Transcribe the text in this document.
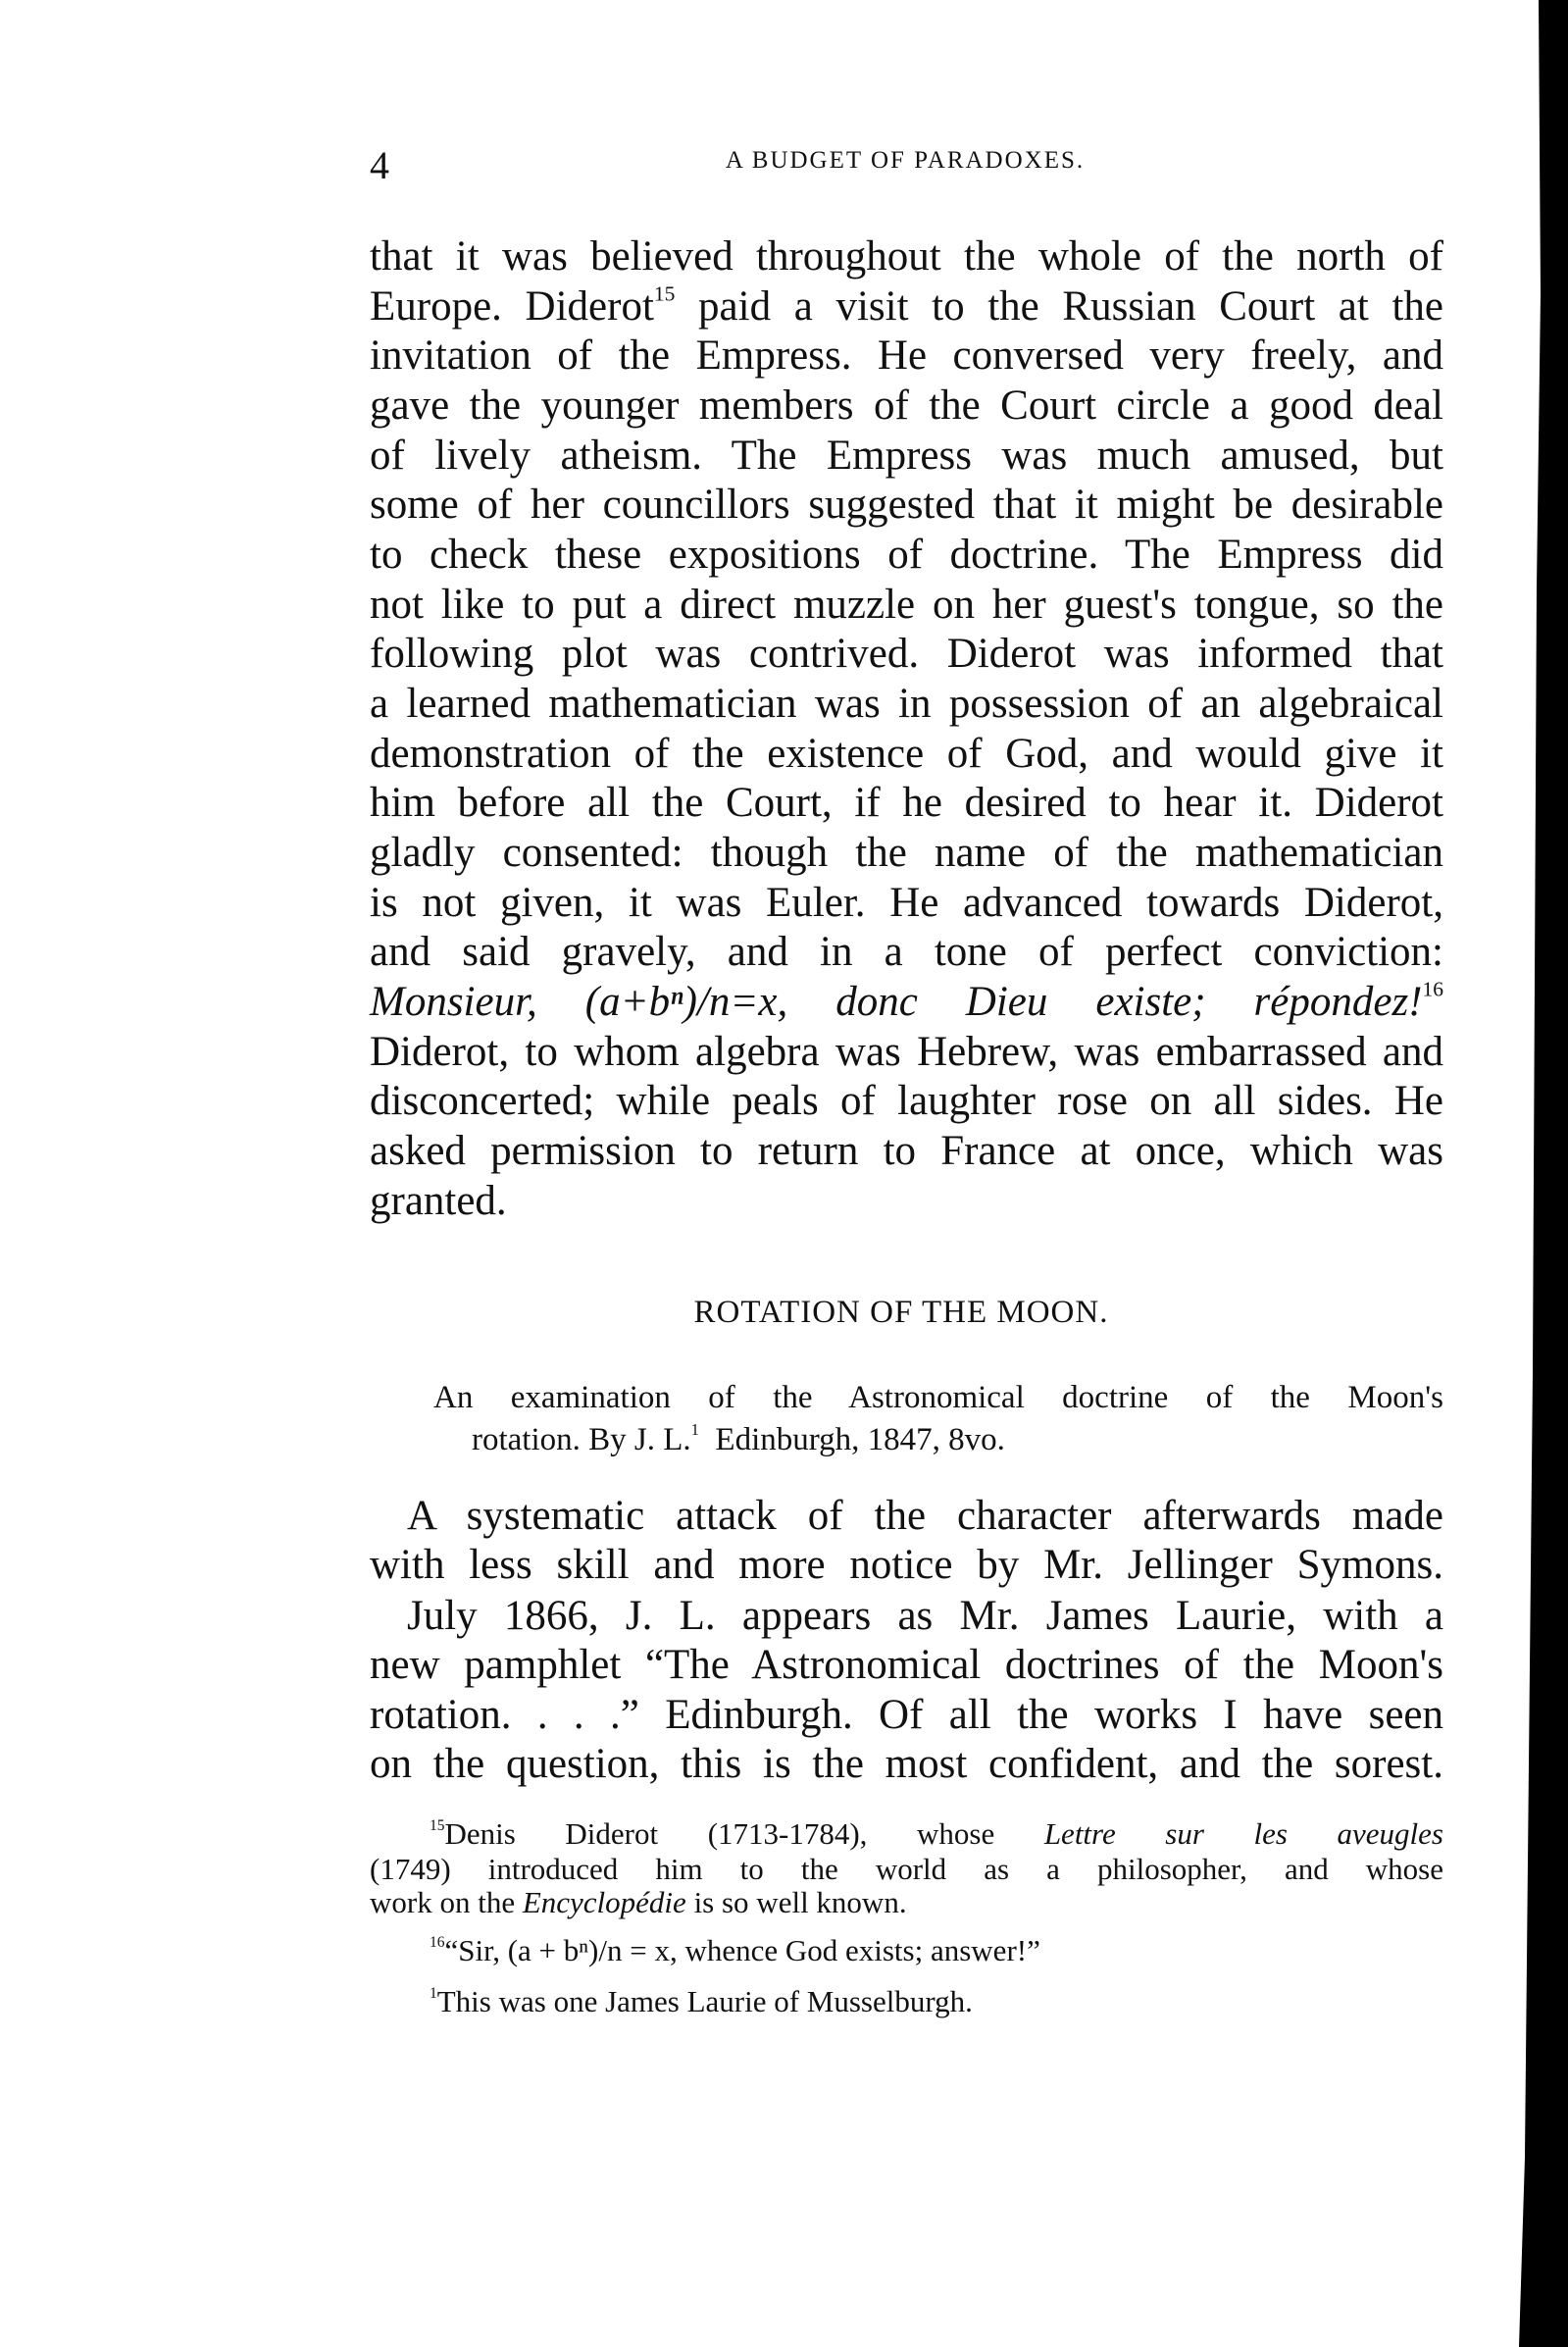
4	A BUDGET OF PARADOXES.
that it was believed throughout the whole of the north of
Europe. Diderot$^{15}$ paid a visit to the Russian Court at the
invitation of the Empress. He conversed very freely, and
gave the younger members of the Court circle a good deal
of lively atheism. The Empress was much amused, but
some of her councillors suggested that it might be desirable
to check these expositions of doctrine. The Empress did
not like to put a direct muzzle on her guest's tongue, so the
following plot was contrived. Diderot was informed that
a learned mathematician was in possession of an algebraical
demonstration of the existence of God, and would give it
him before all the Court, if he desired to hear it. Diderot
gladly consented: though the name of the mathematician
is not given, it was Euler. He advanced towards Diderot,
and said gravely, and in a tone of perfect conviction:
Monsieur, (a+bⁿ)/n=x, donc Dieu existe; répondez!$^{16}$
Diderot, to whom algebra was Hebrew, was embarrassed and
disconcerted; while peals of laughter rose on all sides. He
asked permission to return to France at once, which was
granted.
ROTATION OF THE MOON.
An examination of the Astronomical doctrine of the Moon's
rotation. By J. L.$^1$  Edinburgh, 1847, 8vo.
A systematic attack of the character afterwards made
with less skill and more notice by Mr. Jellinger Symons.
July 1866, J. L. appears as Mr. James Laurie, with a
new pamphlet “The Astronomical doctrines of the Moon's
rotation. . . .” Edinburgh. Of all the works I have seen
on the question, this is the most confident, and the sorest.
$^{15}$Denis Diderot (1713-1784), whose Lettre sur les aveugles
(1749) introduced him to the world as a philosopher, and whose
work on the Encyclopédie is so well known.
$^{16}$“Sir, (a + bⁿ)/n = x, whence God exists; answer!”
$^1$This was one James Laurie of Musselburgh.
